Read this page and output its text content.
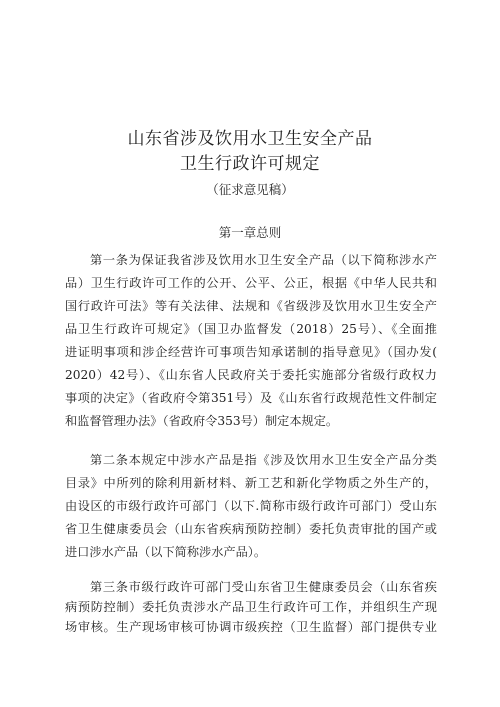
山东省涉及饮用水卫生安全产品
卫生行政许可规定
（征求意见稿）
第一章总则
第一条为保证我省涉及饮用水卫生安全产品（以下简称涉水产
品）卫生行政许可工作的公开、公平、公正，根据《中华人民共和
国行政许可法》等有关法律、法规和《省级涉及饮用水卫生安全产
品卫生行政许可规定》（国卫办监督发（2018）25号）、《全面推
进证明事项和涉企经营许可事项告知承诺制的指导意见》（国办发(
2020）42号）、《山东省人民政府关于委托实施部分省级行政权力
事项的决定》（省政府令第351号）及《山东省行政规范性文件制定
和监督管理办法》（省政府令353号）制定本规定。
第二条本规定中涉水产品是指《涉及饮用水卫生安全产品分类
目录》中所列的除利用新材料、新工艺和新化学物质之外生产的，
由设区的市级行政许可部门（以下.简称市级行政许可部门）受山东
省卫生健康委员会（山东省疾病预防控制）委托负责审批的国产或
进口涉水产品（以下简称涉水产品）。
第三条市级行政许可部门受山东省卫生健康委员会（山东省疾
病预防控制）委托负责涉水产品卫生行政许可工作，并组织生产现
场审核。生产现场审核可协调市级疾控（卫生监督）部门提供专业
